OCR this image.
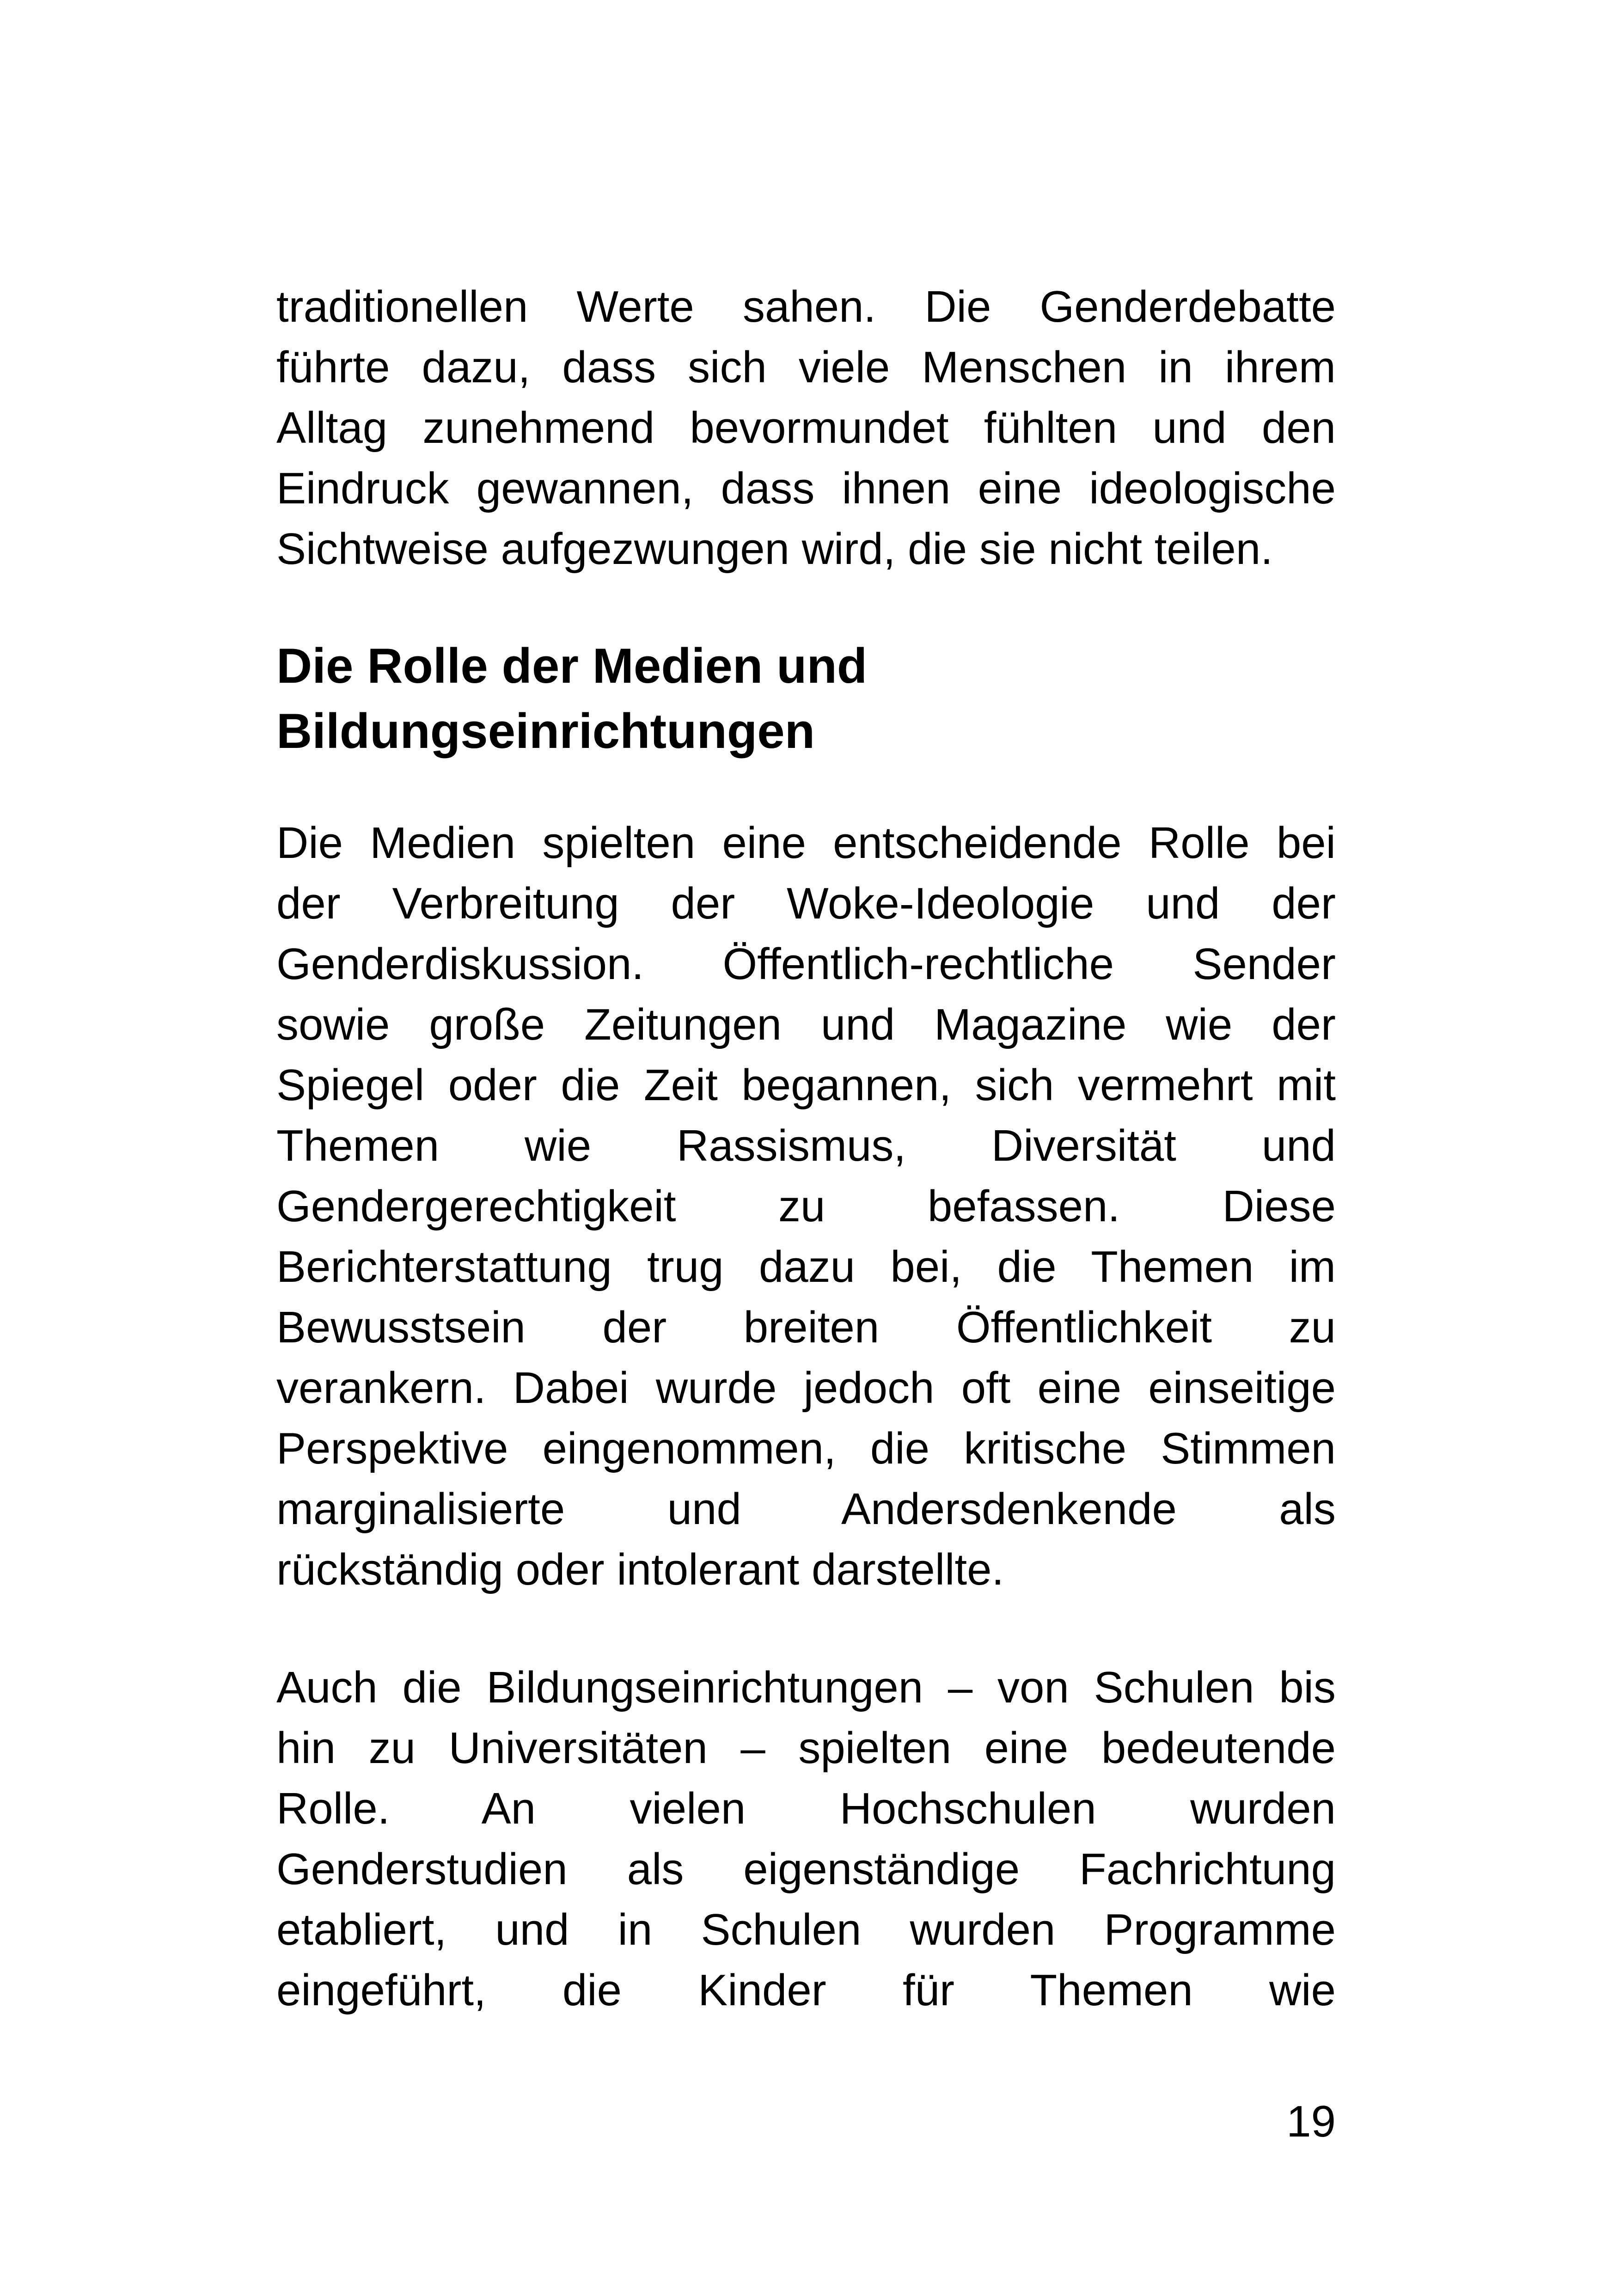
traditionellen Werte sahen. Die Genderdebatte
führte dazu, dass sich viele Menschen in ihrem
Alltag zunehmend bevormundet fühlten und den
Eindruck gewannen, dass ihnen eine ideologische
Sichtweise aufgezwungen wird, die sie nicht teilen.
Die Rolle der Medien und
Bildungseinrichtungen
Die Medien spielten eine entscheidende Rolle bei
der Verbreitung der Woke-Ideologie und der
Genderdiskussion. Öffentlich-rechtliche Sender
sowie große Zeitungen und Magazine wie der
Spiegel oder die Zeit begannen, sich vermehrt mit
Themen wie Rassismus, Diversität und
Gendergerechtigkeit zu befassen. Diese
Berichterstattung trug dazu bei, die Themen im
Bewusstsein der breiten Öffentlichkeit zu
verankern. Dabei wurde jedoch oft eine einseitige
Perspektive eingenommen, die kritische Stimmen
marginalisierte und Andersdenkende als
rückständig oder intolerant darstellte.
Auch die Bildungseinrichtungen – von Schulen bis
hin zu Universitäten – spielten eine bedeutende
Rolle. An vielen Hochschulen wurden
Genderstudien als eigenständige Fachrichtung
etabliert, und in Schulen wurden Programme
eingeführt, die Kinder für Themen wie
19
